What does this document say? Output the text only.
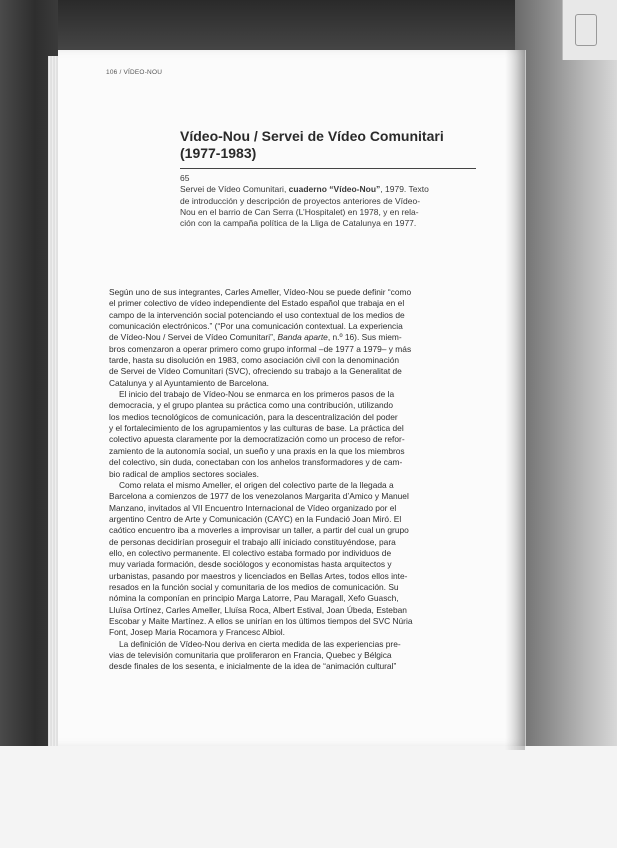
106 / VÍDEO-NOU
Vídeo-Nou / Servei de Vídeo Comunitari
(1977-1983)
65
Servei de Vídeo Comunitari, cuaderno “Vídeo-Nou”, 1979. Texto
de introducción y descripción de proyectos anteriores de Vídeo-
Nou en el barrio de Can Serra (L’Hospitalet) en 1978, y en rela-
ción con la campaña política de la Lliga de Catalunya en 1977.
Según uno de sus integrantes, Carles Ameller, Vídeo-Nou se puede definir “como
el primer colectivo de vídeo independiente del Estado español que trabaja en el
campo de la intervención social potenciando el uso contextual de los medios de
comunicación electrónicos.” (“Por una comunicación contextual. La experiencia
de Vídeo-Nou / Servei de Vídeo Comunitari”, Banda aparte, n.º 16). Sus miem-
bros comenzaron a operar primero como grupo informal –de 1977 a 1979– y más
tarde, hasta su disolución en 1983, como asociación civil con la denominación
de Servei de Vídeo Comunitari (SVC), ofreciendo su trabajo a la Generalitat de
Catalunya y al Ayuntamiento de Barcelona.
El inicio del trabajo de Vídeo-Nou se enmarca en los primeros pasos de la
democracia, y el grupo plantea su práctica como una contribución, utilizando
los medios tecnológicos de comunicación, para la descentralización del poder
y el fortalecimiento de los agrupamientos y las culturas de base. La práctica del
colectivo apuesta claramente por la democratización como un proceso de refor-
zamiento de la autonomía social, un sueño y una praxis en la que los miembros
del colectivo, sin duda, conectaban con los anhelos transformadores y de cam-
bio radical de amplios sectores sociales.
Como relata el mismo Ameller, el origen del colectivo parte de la llegada a
Barcelona a comienzos de 1977 de los venezolanos Margarita d’Amico y Manuel
Manzano, invitados al VII Encuentro Internacional de Vídeo organizado por el
argentino Centro de Arte y Comunicación (CAYC) en la Fundació Joan Miró. El
caótico encuentro iba a moverles a improvisar un taller, a partir del cual un grupo
de personas decidirían proseguir el trabajo allí iniciado constituyéndose, para
ello, en colectivo permanente. El colectivo estaba formado por individuos de
muy variada formación, desde sociólogos y economistas hasta arquitectos y
urbanistas, pasando por maestros y licenciados en Bellas Artes, todos ellos inte-
resados en la función social y comunitaria de los medios de comunicación. Su
nómina la componían en principio Marga Latorre, Pau Maragall, Xefo Guasch,
Lluïsa Ortínez, Carles Ameller, Lluïsa Roca, Albert Estival, Joan Úbeda, Esteban
Escobar y Maite Martínez. A ellos se unirían en los últimos tiempos del SVC Núria
Font, Josep Maria Rocamora y Francesc Albiol.
La definición de Vídeo-Nou deriva en cierta medida de las experiencias pre-
vias de televisión comunitaria que proliferaron en Francia, Quebec y Bélgica
desde finales de los sesenta, e inicialmente de la idea de “animación cultural”
